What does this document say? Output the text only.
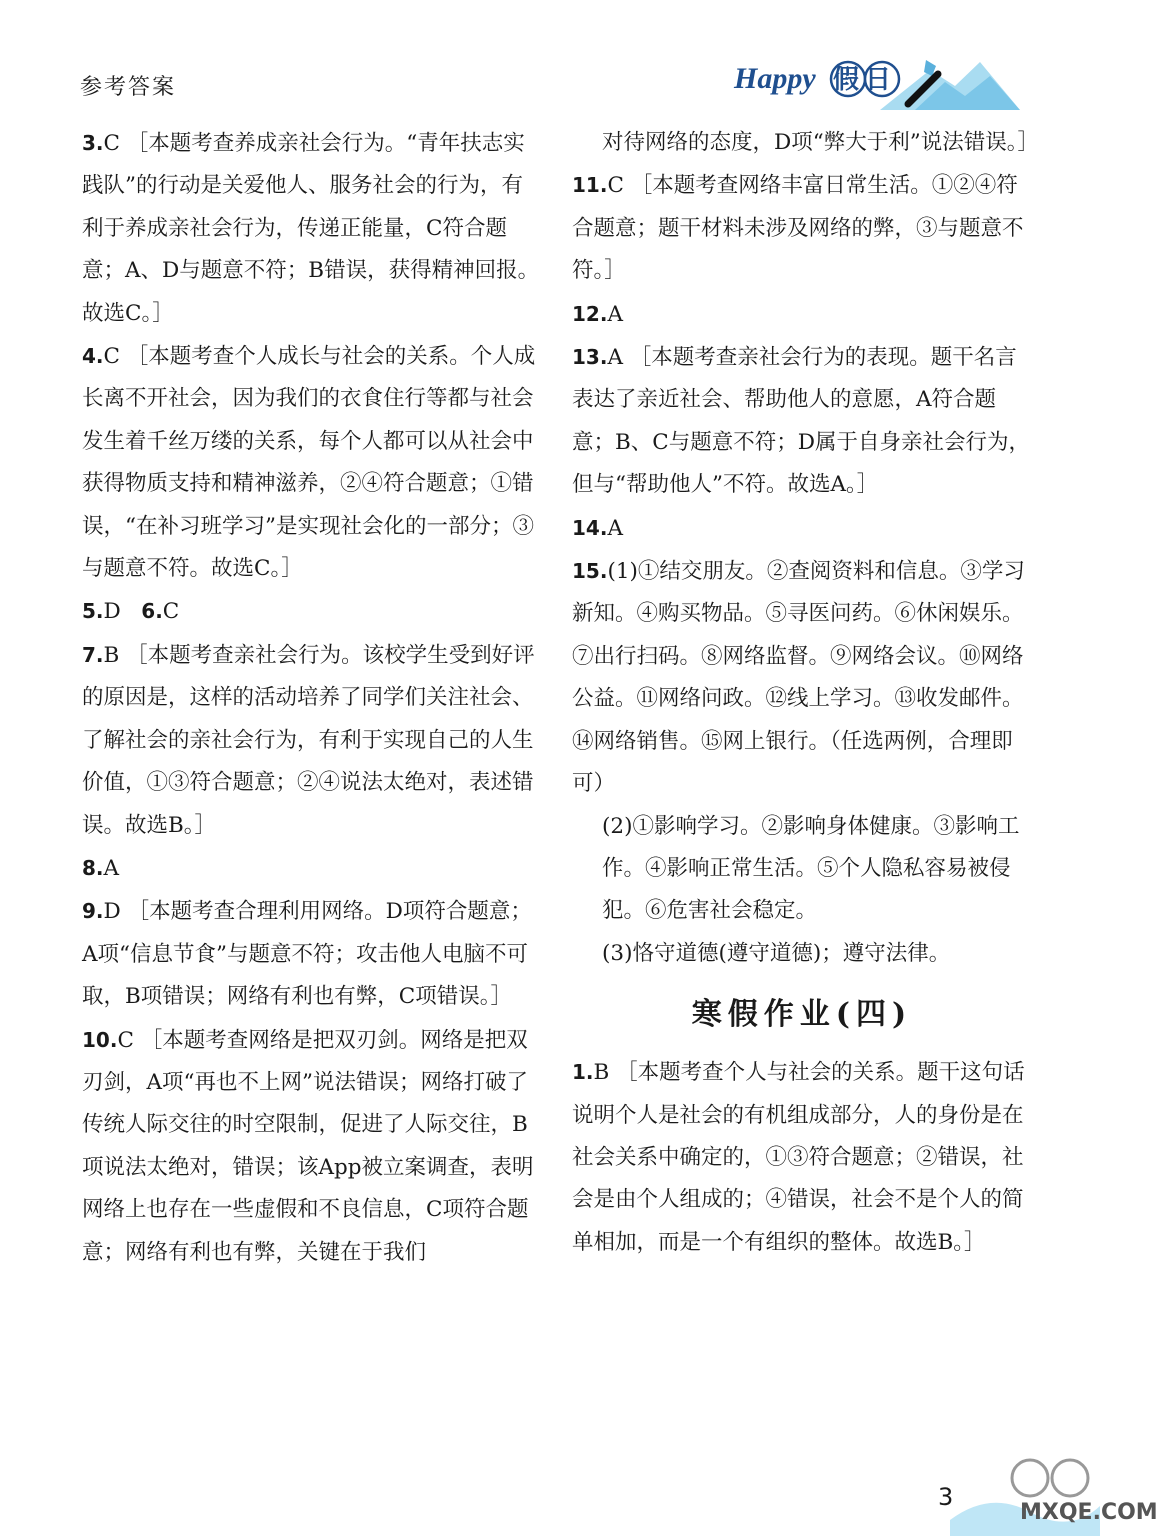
参考答案	Happy 假日

3.C ［本题考查养成亲社会行为。“青年扶志实践队”的行动是关爱他人、服务社会的行为，有利于养成亲社会行为，传递正能量，C符合题意；A、D与题意不符；B错误，获得精神回报。故选C。］

4.C ［本题考查个人成长与社会的关系。个人成长离不开社会，因为我们的衣食住行等都与社会发生着千丝万缕的关系，每个人都可以从社会中获得物质支持和精神滋养，②④符合题意；①错误，“在补习班学习”是实现社会化的一部分；③与题意不符。故选C。］

5.D 6.C

7.B ［本题考查亲社会行为。该校学生受到好评的原因是，这样的活动培养了同学们关注社会、了解社会的亲社会行为，有利于实现自己的人生价值，①③符合题意；②④说法太绝对，表述错误。故选B。］

8.A

9.D ［本题考查合理利用网络。D项符合题意；A项“信息节食”与题意不符；攻击他人电脑不可取，B项错误；网络有利也有弊，C项错误。］

10.C ［本题考查网络是把双刃剑。网络是把双刃剑，A项“再也不上网”说法错误；网络打破了传统人际交往的时空限制，促进了人际交往，B项说法太绝对，错误；该App被立案调查，表明网络上也存在一些虚假和不良信息，C项符合题意；网络有利也有弊，关键在于我们

对待网络的态度，D项“弊大于利”说法错误。］

11.C ［本题考查网络丰富日常生活。①②④符合题意；题干材料未涉及网络的弊，③与题意不符。］

12.A

13.A ［本题考查亲社会行为的表现。题干名言表达了亲近社会、帮助他人的意愿，A符合题意；B、C与题意不符；D属于自身亲社会行为，但与“帮助他人”不符。故选A。］

14.A

15.(1)①结交朋友。②查阅资料和信息。③学习新知。④购买物品。⑤寻医问药。⑥休闲娱乐。⑦出行扫码。⑧网络监督。⑨网络会议。⑩网络公益。⑪网络问政。⑫线上学习。⑬收发邮件。⑭网络销售。⑮网上银行。（任选两例，合理即可）

(2)①影响学习。②影响身体健康。③影响工作。④影响正常生活。⑤个人隐私容易被侵犯。⑥危害社会稳定。

(3)恪守道德(遵守道德)；遵守法律。

寒假作业(四)

1.B ［本题考查个人与社会的关系。题干这句话说明个人是社会的有机组成部分，人的身份是在社会关系中确定的，①③符合题意；②错误，社会是由个人组成的；④错误，社会不是个人的简单相加，而是一个有组织的整体。故选B。］

3
MXQE.COM
